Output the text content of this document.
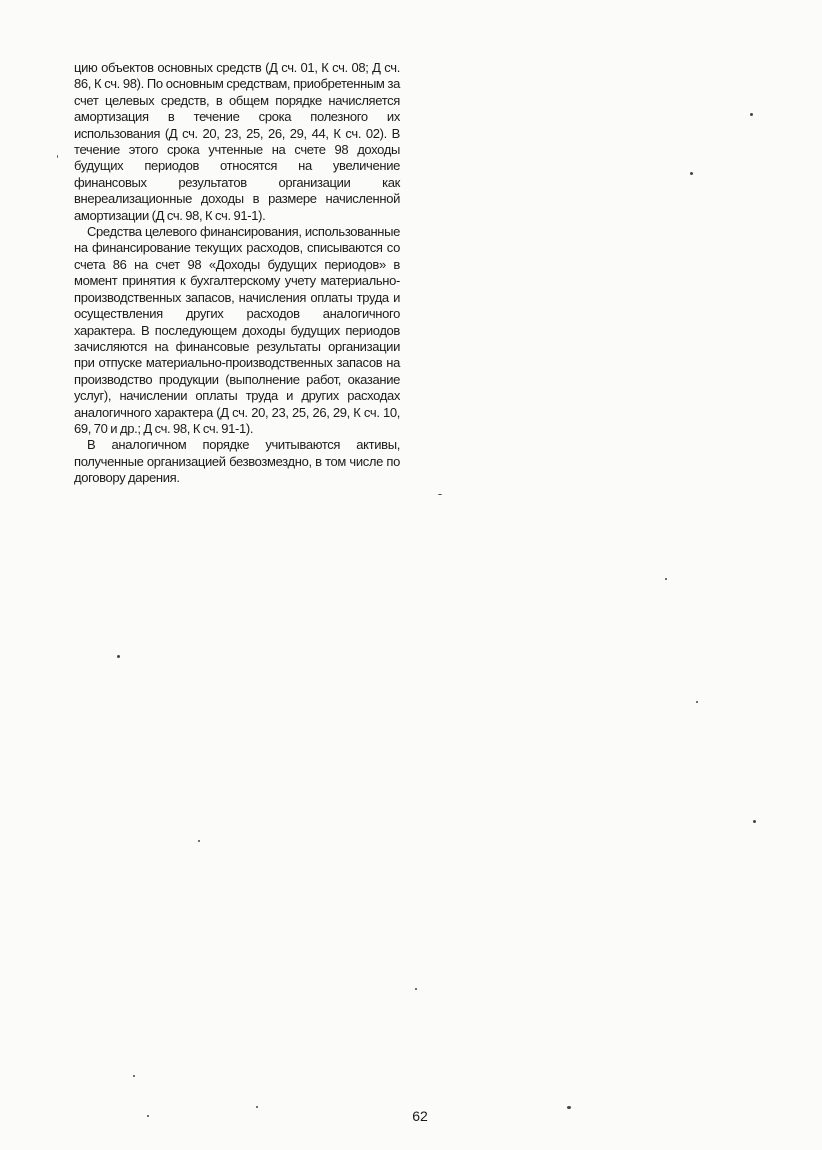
цию объектов основных средств (Д сч. 01, К сч. 08; Д сч. 86, К сч. 98). По основным средствам, приобретенным за счет целевых средств, в общем порядке начисляется амортизация в течение срока полезного их использования (Д сч. 20, 23, 25, 26, 29, 44, К сч. 02). В течение этого срока учтенные на счете 98 доходы будущих периодов относятся на увеличение финансовых результатов организации как внереализационные доходы в размере начисленной амортизации (Д сч. 98, К сч. 91-1).

Средства целевого финансирования, использованные на финансирование текущих расходов, списываются со счета 86 на счет 98 «Доходы будущих периодов» в момент принятия к бухгалтерскому учету материально-производственных запасов, начисления оплаты труда и осуществления других расходов аналогичного характера. В последующем доходы будущих периодов зачисляются на финансовые результаты организации при отпуске материально-производственных запасов на производство продукции (выполнение работ, оказание услуг), начислении оплаты труда и других расходах аналогичного характера (Д сч. 20, 23, 25, 26, 29, К сч. 10, 69, 70 и др.; Д сч. 98, К сч. 91-1).

В аналогичном порядке учитываются активы, полученные организацией безвозмездно, в том числе по договору дарения.

62
